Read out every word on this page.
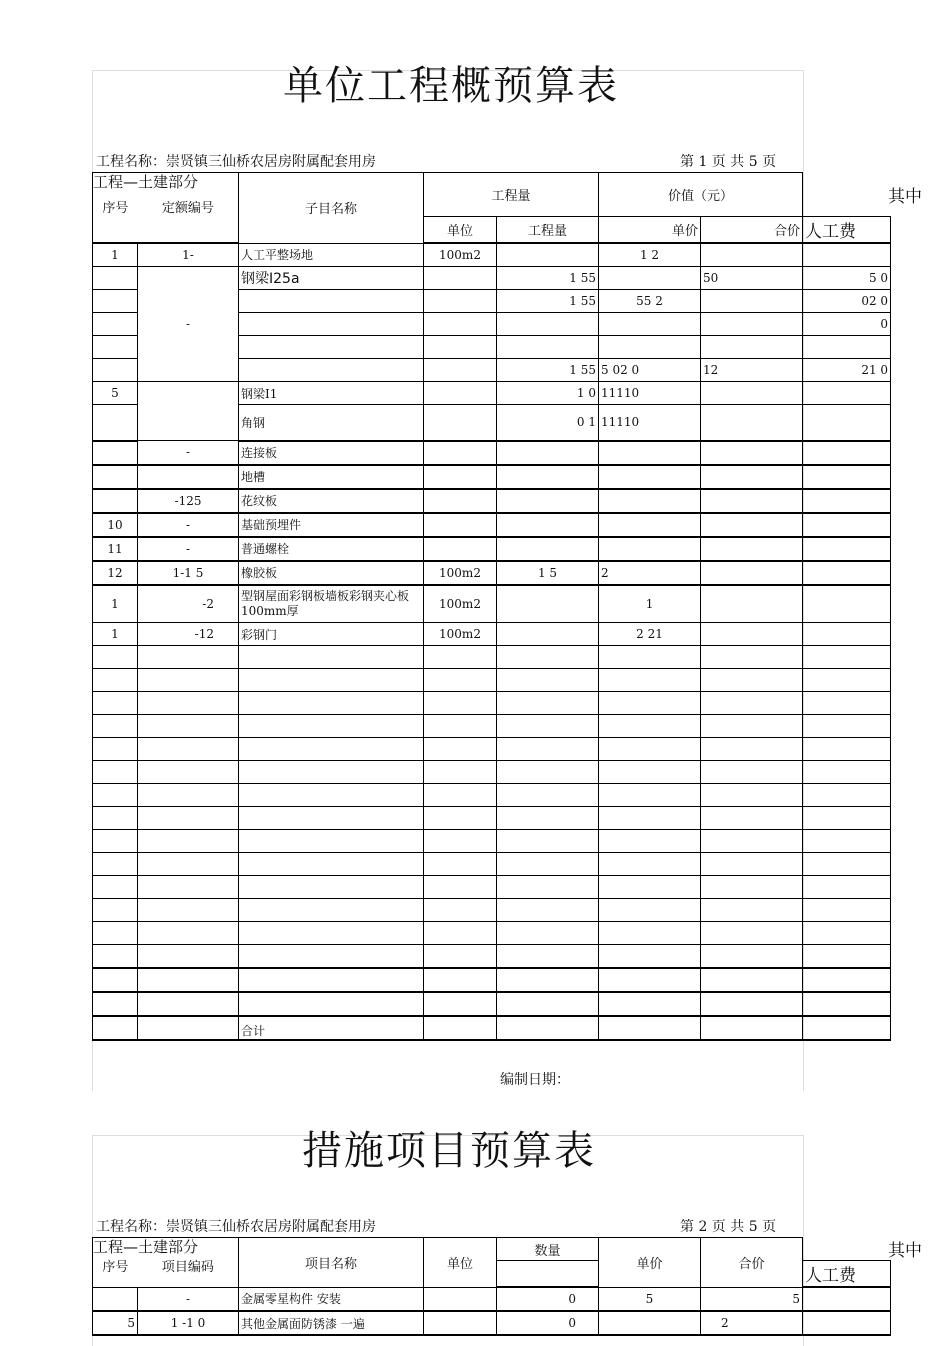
单位工程概预算表
工程名称：崇贤镇三仙桥农居房附属配套用房	第 1 页 共 5 页
其中
工程—土建部分
序号 定额编号		子目名称	工程量		价值（元）		
			单位	工程量	单价	合价	人工费
1	1-	人工平整场地	100m2		1 2		
	-	钢梁I25a		1 55		50	5 0
				1 55	55 2		02 0
							0

				1 55	5 02 0	12	21 0
5		钢梁I1		1 0	11110		
		角钢		0 1	11110		
	-	连接板					
		地槽					
	-125	花纹板					
10	-	基础预埋件					
11	-	普通螺栓					
12	1-1 5	橡胶板	100m2	1 5	2		
1	-2	型钢屋面彩钢板墙板彩钢夹心板100mm厚	100m2		1		
1	-12	彩钢门	100m2		2 21		

		合计					
编制日期：
措施项目预算表
工程名称：崇贤镇三仙桥农居房附属配套用房	第 2 页 共 5 页
其中
工程—土建部分
序号 项目编码		项目名称	单位	数量	单价	合价	
							人工费
	-	金属零星构件 安装		0	5	5	
5	1 -1 0	其他金属面防锈漆 一遍		0		2	
